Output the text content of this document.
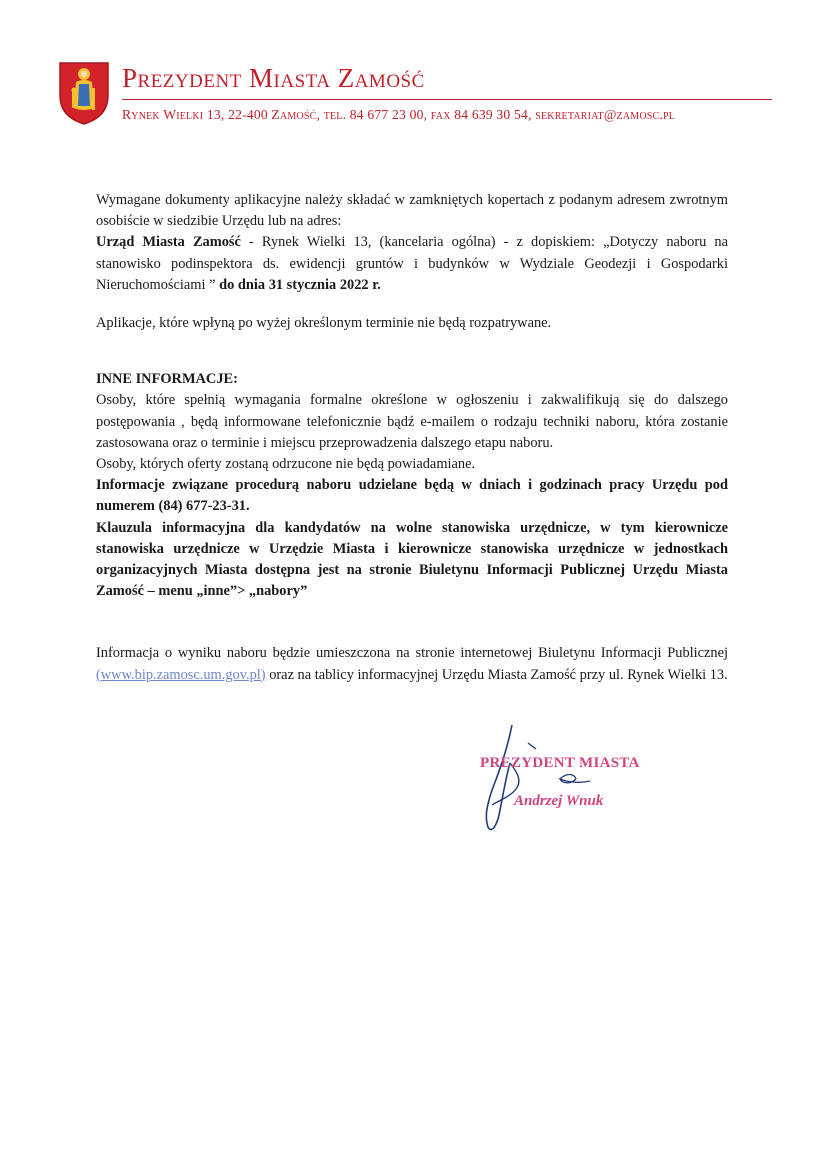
Prezydent Miasta Zamość
Rynek Wielki 13, 22-400 Zamość, tel. 84 677 23 00, fax 84 639 30 54, sekretariat@zamosc.pl

Wymagane dokumenty aplikacyjne należy składać w zamkniętych kopertach z podanym adresem zwrotnym osobiście w siedzibie Urzędu lub na adres:
Urząd Miasta Zamość - Rynek Wielki 13, (kancelaria ogólna) - z dopiskiem: „Dotyczy naboru na stanowisko podinspektora ds. ewidencji gruntów i budynków w Wydziale Geodezji i Gospodarki Nieruchomościami ” do dnia 31 stycznia 2022 r.

Aplikacje, które wpłyną po wyżej określonym terminie nie będą rozpatrywane.

INNE INFORMACJE:

Osoby, które spełnią wymagania formalne określone w ogłoszeniu i zakwalifikują się do dalszego postępowania , będą informowane telefonicznie bądź e-mailem o rodzaju techniki naboru, która zostanie zastosowana oraz o terminie i miejscu przeprowadzenia dalszego etapu naboru.

Osoby, których oferty zostaną odrzucone nie będą powiadamiane.

Informacje związane procedurą naboru udzielane będą w dniach i godzinach pracy Urzędu pod numerem (84) 677-23-31.

Klauzula informacyjna dla kandydatów na wolne stanowiska urzędnicze, w tym kierownicze stanowiska urzędnicze w Urzędzie Miasta i kierownicze stanowiska urzędnicze w jednostkach organizacyjnych Miasta dostępna jest na stronie Biuletynu Informacji Publicznej Urzędu Miasta Zamość – menu „inne”> „nabory”

Informacja o wyniku naboru będzie umieszczona na stronie internetowej Biuletynu Informacji Publicznej (www.bip.zamosc.um.gov.pl) oraz na tablicy informacyjnej Urzędu Miasta Zamość przy ul. Rynek Wielki 13.

PREZYDENT MIASTA
Andrzej Wnuk
